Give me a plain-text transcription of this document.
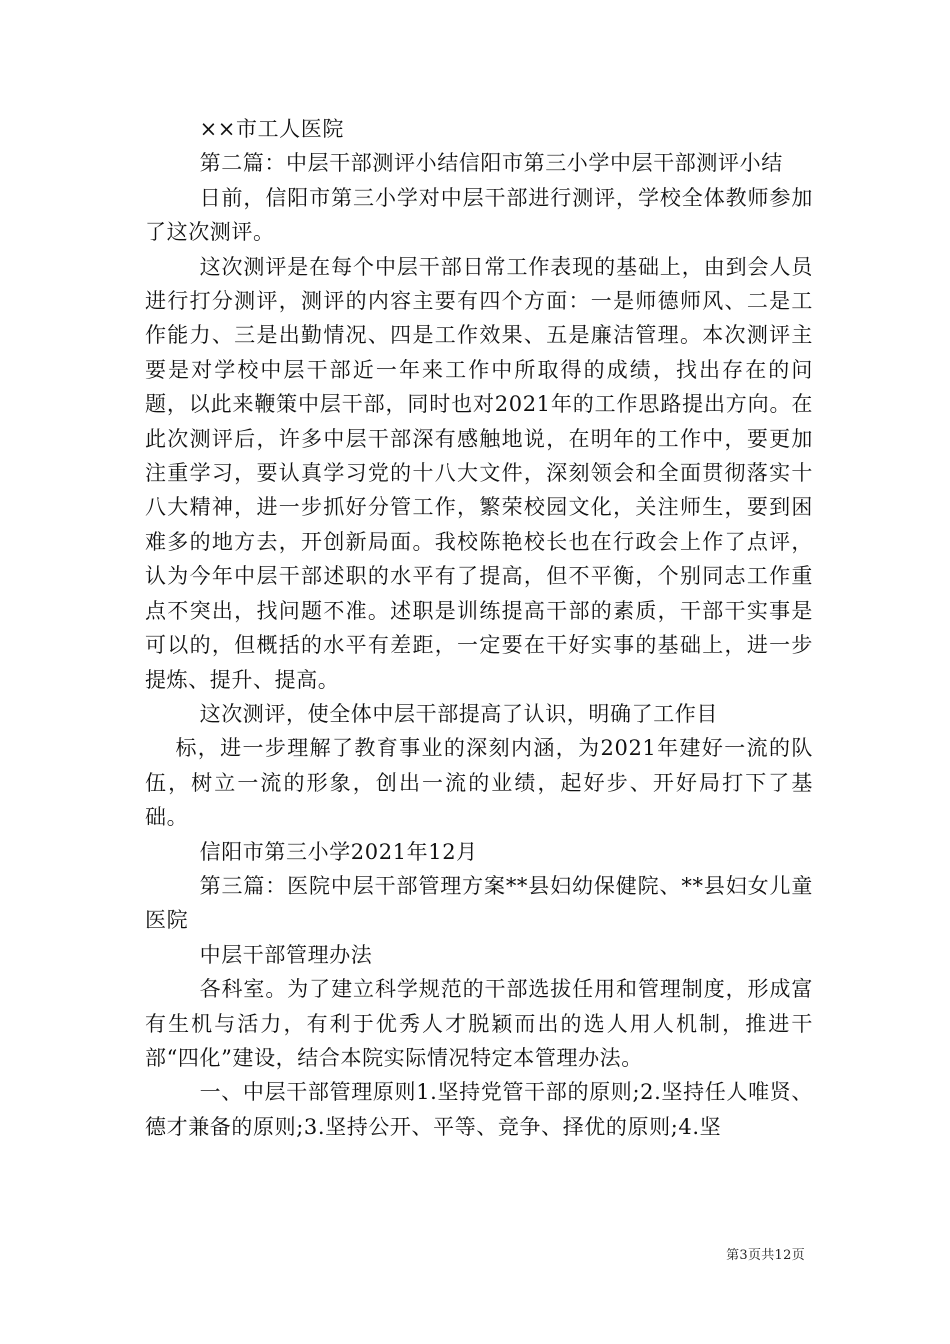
××市工人医院

第二篇：中层干部测评小结信阳市第三小学中层干部测评小结

日前，信阳市第三小学对中层干部进行测评，学校全体教师参加了这次测评。

这次测评是在每个中层干部日常工作表现的基础上，由到会人员进行打分测评，测评的内容主要有四个方面：一是师德师风、二是工作能力、三是出勤情况、四是工作效果、五是廉洁管理。本次测评主要是对学校中层干部近一年来工作中所取得的成绩，找出存在的问题，以此来鞭策中层干部，同时也对2021年的工作思路提出方向。在此次测评后，许多中层干部深有感触地说，在明年的工作中，要更加注重学习，要认真学习党的十八大文件，深刻领会和全面贯彻落实十八大精神，进一步抓好分管工作，繁荣校园文化，关注师生，要到困难多的地方去，开创新局面。我校陈艳校长也在行政会上作了点评，认为今年中层干部述职的水平有了提高，但不平衡，个别同志工作重点不突出，找问题不准。述职是训练提高干部的素质，干部干实事是可以的，但概括的水平有差距，一定要在干好实事的基础上，进一步提炼、提升、提高。

这次测评，使全体中层干部提高了认识，明确了工作目

标，进一步理解了教育事业的深刻内涵，为2021年建好一流的队伍，树立一流的形象，创出一流的业绩，起好步、开好局打下了基础。

信阳市第三小学2021年12月

第三篇：医院中层干部管理方案**县妇幼保健院、**县妇女儿童医院

中层干部管理办法

各科室。为了建立科学规范的干部选拔任用和管理制度，形成富有生机与活力，有利于优秀人才脱颖而出的选人用人机制，推进干部“四化”建设，结合本院实际情况特定本管理办法。

一、中层干部管理原则1.坚持党管干部的原则;2.坚持任人唯贤、德才兼备的原则;3.坚持公开、平等、竞争、择优的原则;4.坚

第3页共12页
